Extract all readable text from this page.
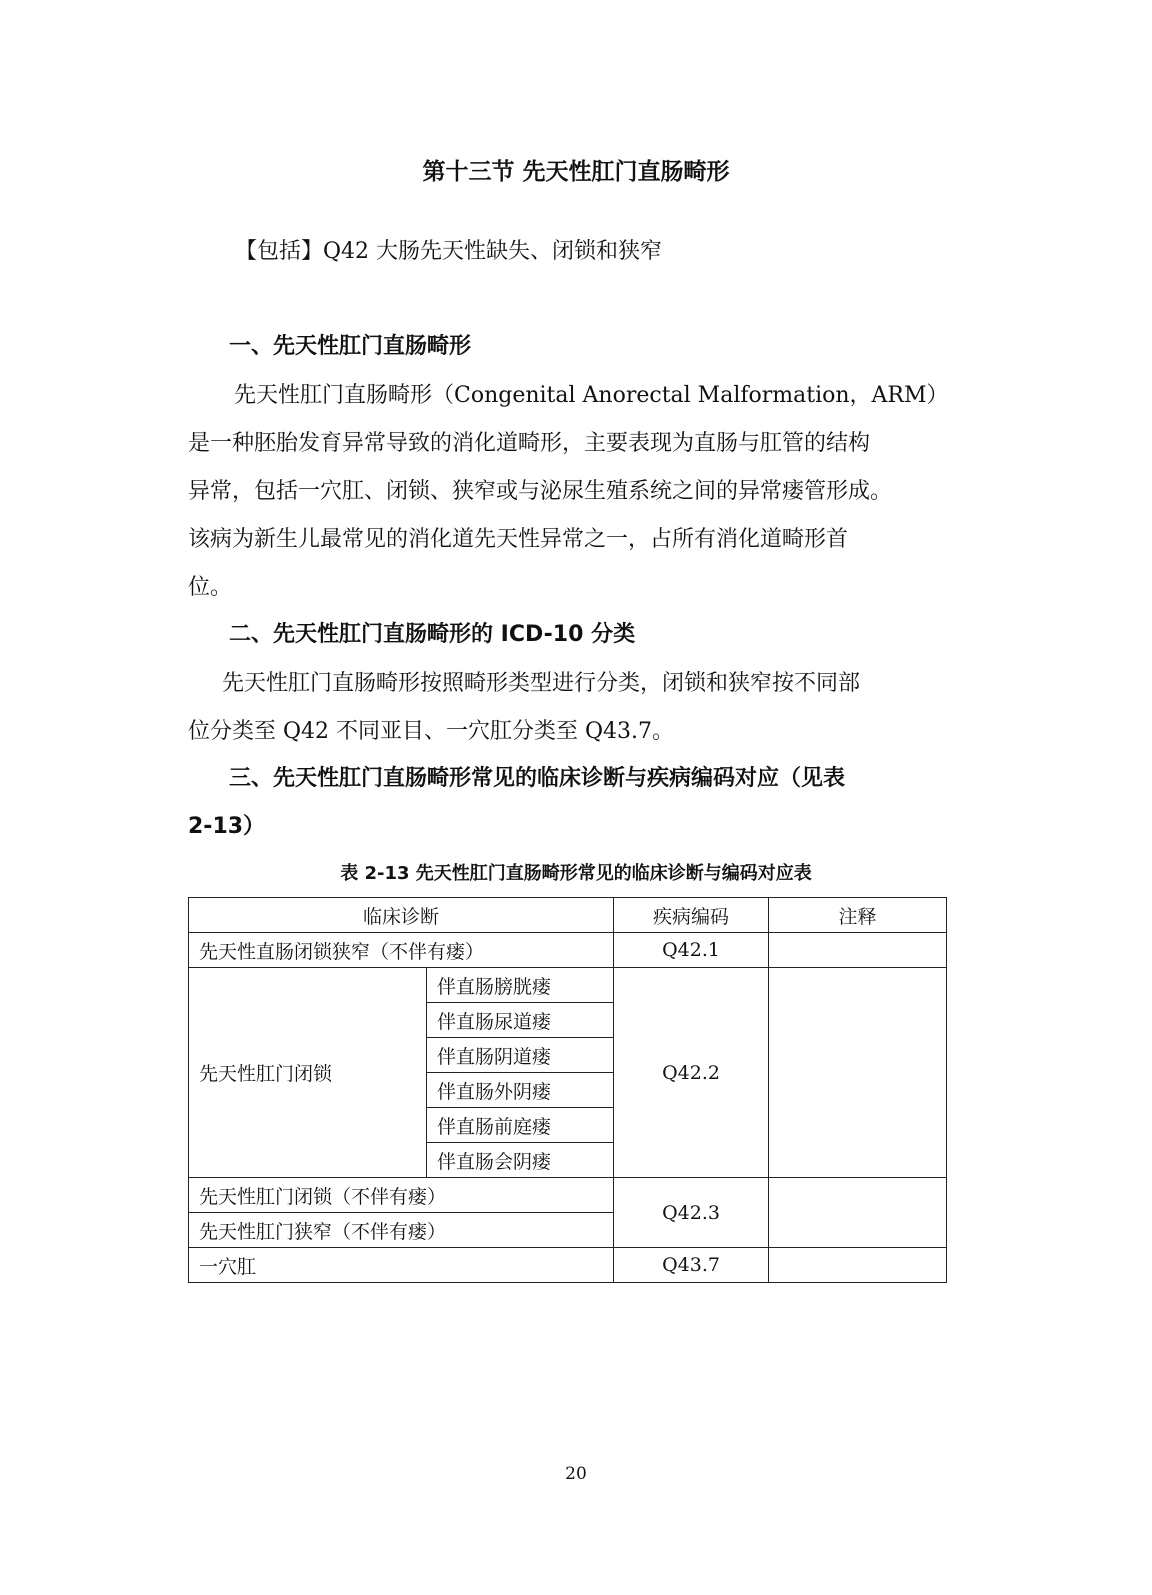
第十三节 先天性肛门直肠畸形
【包括】Q42 大肠先天性缺失、闭锁和狭窄
一、先天性肛门直肠畸形
先天性肛门直肠畸形（Congenital Anorectal Malformation，ARM）
是一种胚胎发育异常导致的消化道畸形，主要表现为直肠与肛管的结构
异常，包括一穴肛、闭锁、狭窄或与泌尿生殖系统之间的异常瘘管形成。
该病为新生儿最常见的消化道先天性异常之一，占所有消化道畸形首
位。
二、先天性肛门直肠畸形的 ICD-10 分类
先天性肛门直肠畸形按照畸形类型进行分类，闭锁和狭窄按不同部
位分类至 Q42 不同亚目、一穴肛分类至 Q43.7。
三、先天性肛门直肠畸形常见的临床诊断与疾病编码对应（见表
2-13）
表 2-13 先天性肛门直肠畸形常见的临床诊断与编码对应表
临床诊断		疾病编码	注释
先天性直肠闭锁狭窄（不伴有瘘）		Q42.1	
先天性肛门闭锁	伴直肠膀胱瘘	Q42.2	
	伴直肠尿道瘘		
	伴直肠阴道瘘		
	伴直肠外阴瘘		
	伴直肠前庭瘘		
	伴直肠会阴瘘		
先天性肛门闭锁（不伴有瘘）		Q42.3	
先天性肛门狭窄（不伴有瘘）			
一穴肛		Q43.7	
20
